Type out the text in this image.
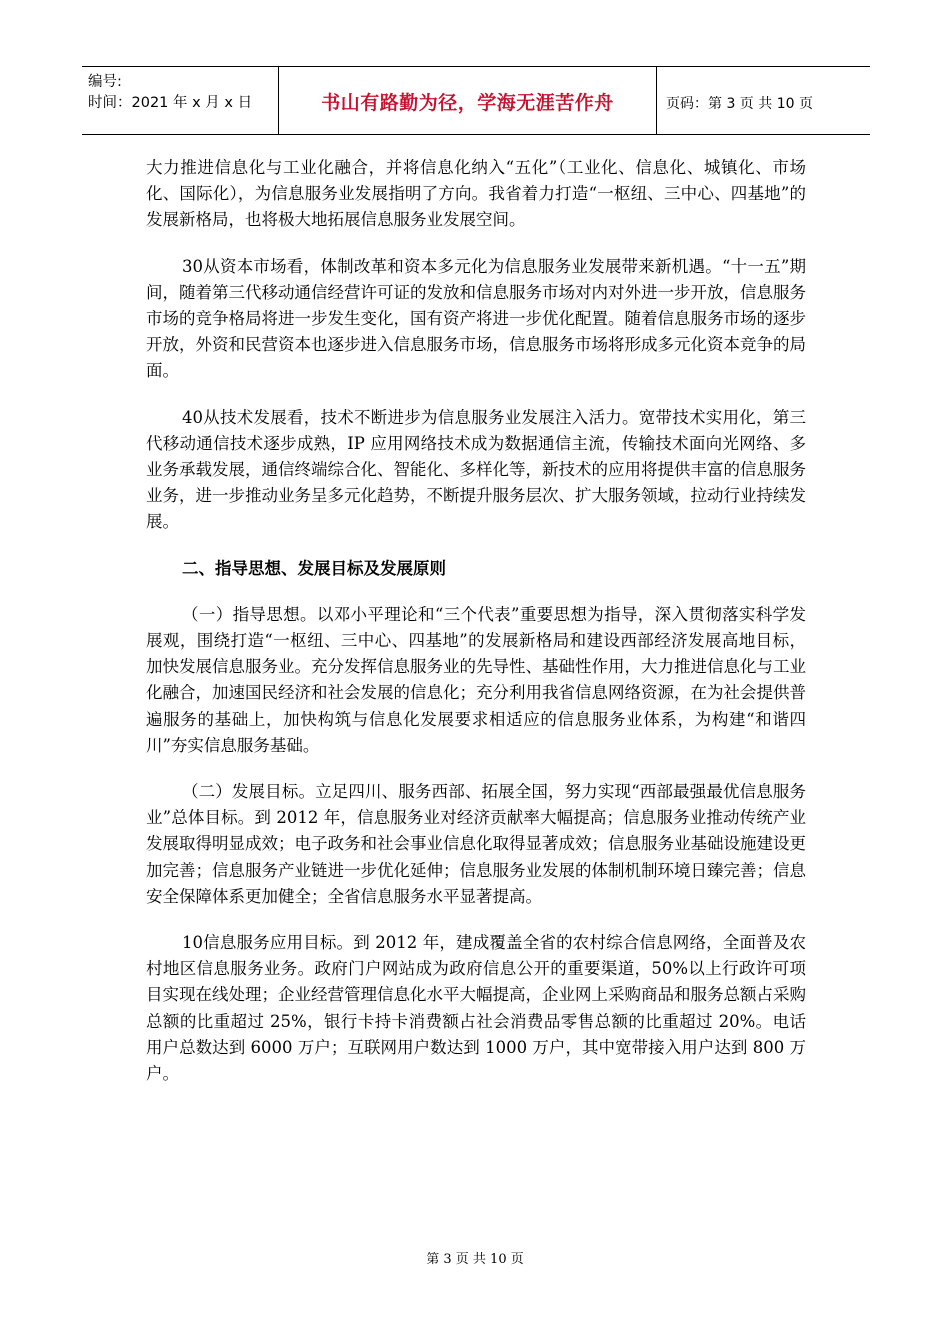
编号:
时间：2021 年 x 月 x 日	书山有路勤为径，学海无涯苦作舟	页码：第 3 页 共 10 页

大力推进信息化与工业化融合，并将信息化纳入“五化”（工业化、信息化、城镇化、市场化、国际化），为信息服务业发展指明了方向。我省着力打造“一枢纽、三中心、四基地”的发展新格局，也将极大地拓展信息服务业发展空间。

30从资本市场看，体制改革和资本多元化为信息服务业发展带来新机遇。“十一五”期间，随着第三代移动通信经营许可证的发放和信息服务市场对内对外进一步开放，信息服务市场的竞争格局将进一步发生变化，国有资产将进一步优化配置。随着信息服务市场的逐步开放，外资和民营资本也逐步进入信息服务市场，信息服务市场将形成多元化资本竞争的局面。

40从技术发展看，技术不断进步为信息服务业发展注入活力。宽带技术实用化，第三代移动通信技术逐步成熟，IP 应用网络技术成为数据通信主流，传输技术面向光网络、多业务承载发展，通信终端综合化、智能化、多样化等，新技术的应用将提供丰富的信息服务业务，进一步推动业务呈多元化趋势，不断提升服务层次、扩大服务领域，拉动行业持续发展。

二、指导思想、发展目标及发展原则

（一）指导思想。以邓小平理论和“三个代表”重要思想为指导，深入贯彻落实科学发展观，围绕打造“一枢纽、三中心、四基地”的发展新格局和建设西部经济发展高地目标，加快发展信息服务业。充分发挥信息服务业的先导性、基础性作用，大力推进信息化与工业化融合，加速国民经济和社会发展的信息化；充分利用我省信息网络资源，在为社会提供普遍服务的基础上，加快构筑与信息化发展要求相适应的信息服务业体系，为构建“和谐四川”夯实信息服务基础。

（二）发展目标。立足四川、服务西部、拓展全国，努力实现“西部最强最优信息服务业”总体目标。到 2012 年，信息服务业对经济贡献率大幅提高；信息服务业推动传统产业发展取得明显成效；电子政务和社会事业信息化取得显著成效；信息服务业基础设施建设更加完善；信息服务产业链进一步优化延伸；信息服务业发展的体制机制环境日臻完善；信息安全保障体系更加健全；全省信息服务水平显著提高。

10信息服务应用目标。到 2012 年，建成覆盖全省的农村综合信息网络，全面普及农村地区信息服务业务。政府门户网站成为政府信息公开的重要渠道，50%以上行政许可项目实现在线处理；企业经营管理信息化水平大幅提高，企业网上采购商品和服务总额占采购总额的比重超过 25%，银行卡持卡消费额占社会消费品零售总额的比重超过 20%。电话用户总数达到 6000 万户；互联网用户数达到 1000 万户，其中宽带接入用户达到 800 万户。

第 3 页 共 10 页
